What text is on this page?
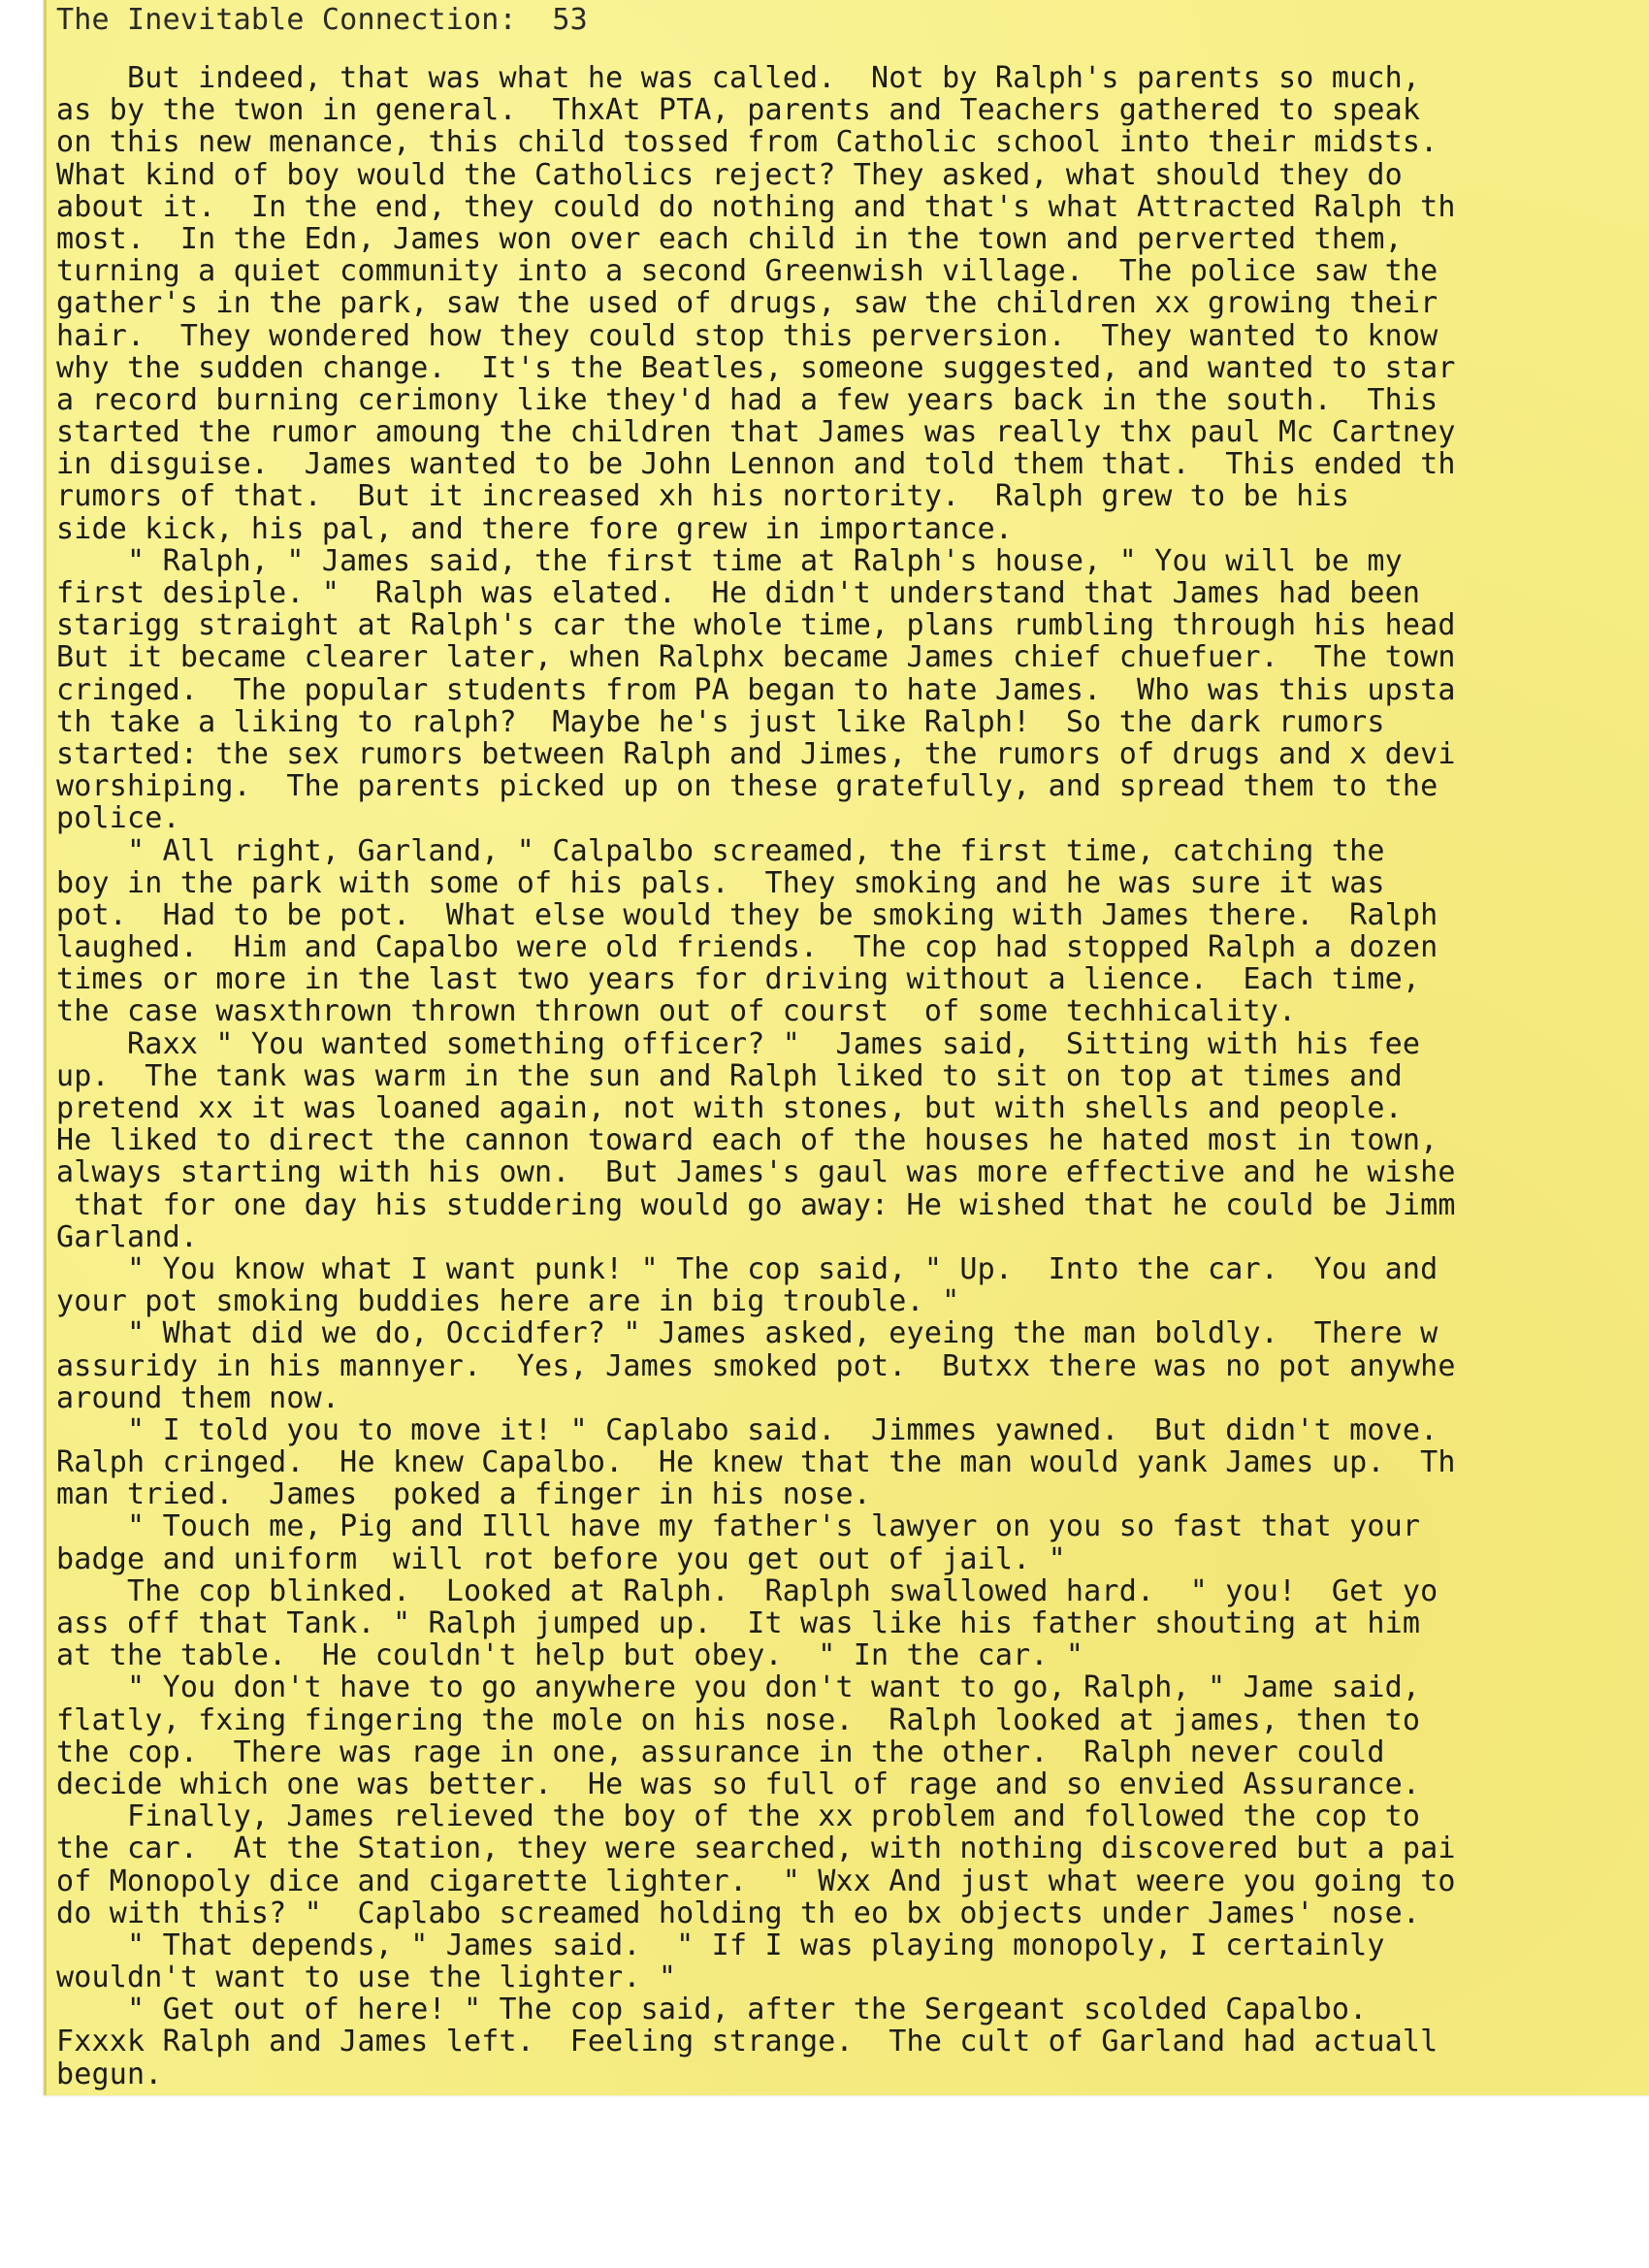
The Inevitable Connection:  53
But indeed, that was what he was called.  Not by Ralph's parents so much,
as by the twon in general.  ThxAt PTA, parents and Teachers gathered to speak
on this new menance, this child tossed from Catholic school into their midsts.
What kind of boy would the Catholics reject? They asked, what should they do
about it.  In the end, they could do nothing and that's what Attracted Ralph th
most.  In the Edn, James won over each child in the town and perverted them,
turning a quiet community into a second Greenwish village.  The police saw the
gather's in the park, saw the used of drugs, saw the children xx growing their
hair.  They wondered how they could stop this perversion.  They wanted to know
why the sudden change.  It's the Beatles, someone suggested, and wanted to star
a record burning cerimony like they'd had a few years back in the south.  This
started the rumor amoung the children that James was really thx paul Mc Cartney
in disguise.  James wanted to be John Lennon and told them that.  This ended th
rumors of that.  But it increased xh his nortority.  Ralph grew to be his
side kick, his pal, and there fore grew in importance.
" Ralph, " James said, the first time at Ralph's house, " You will be my
first desiple. "  Ralph was elated.  He didn't understand that James had been
starigg straight at Ralph's car the whole time, plans rumbling through his head
But it became clearer later, when Ralphx became James chief chuefuer.  The town
cringed.  The popular students from PA began to hate James.  Who was this upsta
th take a liking to ralph?  Maybe he's just like Ralph!  So the dark rumors
started: the sex rumors between Ralph and Jimes, the rumors of drugs and x devi
worshiping.  The parents picked up on these gratefully, and spread them to the
police.
" All right, Garland, " Calpalbo screamed, the first time, catching the
boy in the park with some of his pals.  They smoking and he was sure it was
pot.  Had to be pot.  What else would they be smoking with James there.  Ralph
laughed.  Him and Capalbo were old friends.  The cop had stopped Ralph a dozen
times or more in the last two years for driving without a lience.  Each time,
the case wasxthrown thrown thrown out of courst  of some techhicality.
Raxx " You wanted something officer? "  James said,  Sitting with his fee
up.  The tank was warm in the sun and Ralph liked to sit on top at times and
pretend xx it was loaned again, not with stones, but with shells and people.
He liked to direct the cannon toward each of the houses he hated most in town,
always starting with his own.  But James's gaul was more effective and he wishe
that for one day his studdering would go away: He wished that he could be Jimm
Garland.
" You know what I want punk! " The cop said, " Up.  Into the car.  You and
your pot smoking buddies here are in big trouble. "
" What did we do, Occidfer? " James asked, eyeing the man boldly.  There w
assuridy in his mannyer.  Yes, James smoked pot.  Butxx there was no pot anywhe
around them now.
" I told you to move it! " Caplabo said.  Jimmes yawned.  But didn't move.
Ralph cringed.  He knew Capalbo.  He knew that the man would yank James up.  Th
man tried.  James  poked a finger in his nose.
" Touch me, Pig and Illl have my father's lawyer on you so fast that your
badge and uniform  will rot before you get out of jail. "
The cop blinked.  Looked at Ralph.  Raplph swallowed hard.  " you!  Get yo
ass off that Tank. " Ralph jumped up.  It was like his father shouting at him
at the table.  He couldn't help but obey.  " In the car. "
" You don't have to go anywhere you don't want to go, Ralph, " Jame said,
flatly, fxing fingering the mole on his nose.  Ralph looked at james, then to
the cop.  There was rage in one, assurance in the other.  Ralph never could
decide which one was better.  He was so full of rage and so envied Assurance.
Finally, James relieved the boy of the xx problem and followed the cop to
the car.  At the Station, they were searched, with nothing discovered but a pai
of Monopoly dice and cigarette lighter.  " Wxx And just what weere you going to
do with this? "  Caplabo screamed holding th eo bx objects under James' nose.
" That depends, " James said.  " If I was playing monopoly, I certainly
wouldn't want to use the lighter. "
" Get out of here! " The cop said, after the Sergeant scolded Capalbo.
Fxxxk Ralph and James left.  Feeling strange.  The cult of Garland had actuall
begun.
